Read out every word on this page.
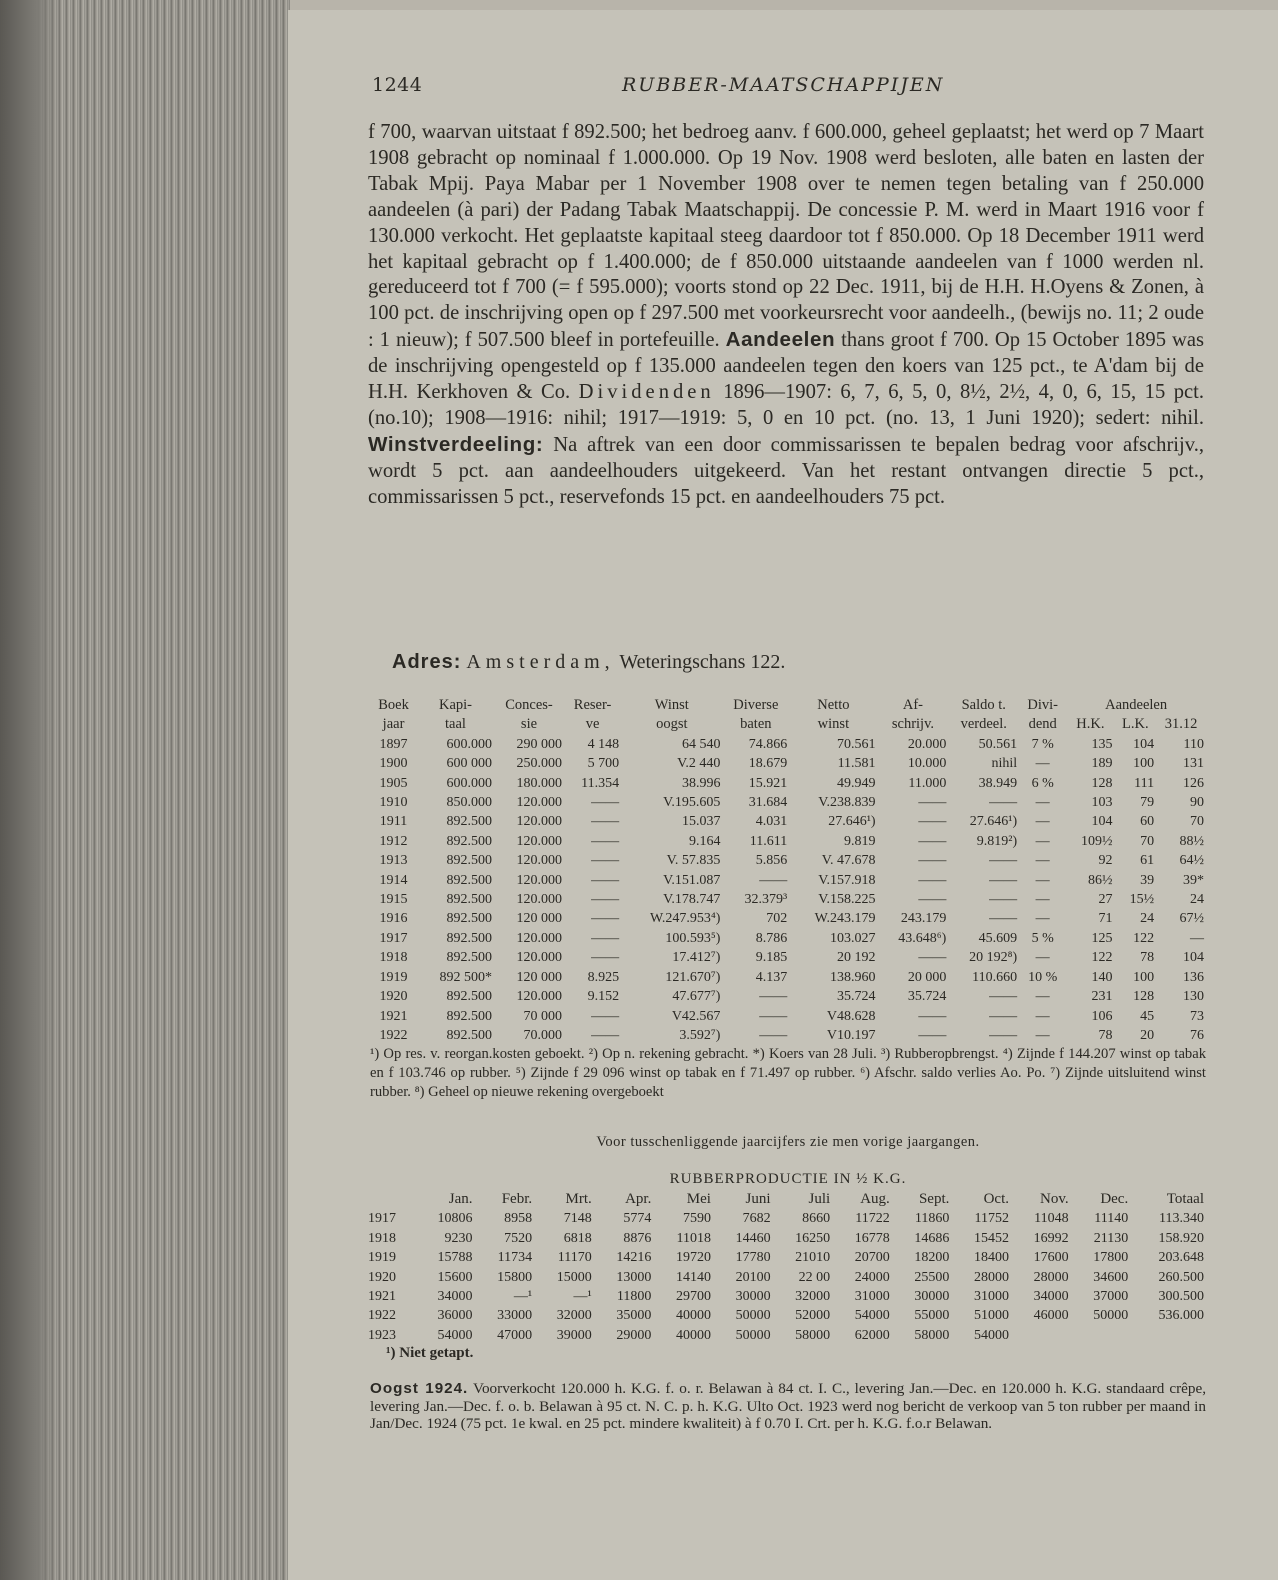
1244	RUBBER-MAATSCHAPPIJEN
f 700, waarvan uitstaat f 892.500; het bedroeg aanv. f 600.000, geheel geplaatst; het werd op 7 Maart 1908 gebracht op nominaal f 1.000.000. Op 19 Nov. 1908 werd besloten, alle baten en lasten der Tabak Mpij. Paya Mabar per 1 November 1908 over te nemen tegen betaling van f 250.000 aandeelen (à pari) der Padang Tabak Maatschappij. De concessie P. M. werd in Maart 1916 voor f 130.000 verkocht. Het geplaatste kapitaal steeg daardoor tot f 850.000. Op 18 December 1911 werd het kapitaal gebracht op f 1.400.000; de f 850.000 uitstaande aandeelen van f 1000 werden nl. gereduceerd tot f 700 (= f 595.000); voorts stond op 22 Dec. 1911, bij de H.H. H.Oyens & Zonen, à 100 pct. de inschrijving open op f 297.500 met voorkeursrecht voor aandeelh., (bewijs no. 11; 2 oude : 1 nieuw); f 507.500 bleef in portefeuille. Aandeelen thans groot f 700. Op 15 October 1895 was de inschrijving opengesteld op f 135.000 aandeelen tegen den koers van 125 pct., te A'dam bij de H.H. Kerkhoven & Co. Dividenden 1896—1907: 6, 7, 6, 5, 0, 8½, 2½, 4, 0, 6, 15, 15 pct. (no.10); 1908—1916: nihil; 1917—1919: 5, 0 en 10 pct. (no. 13, 1 Juni 1920); sedert: nihil. Winstverdeeling: Na aftrek van een door commissarissen te bepalen bedrag voor afschrijv., wordt 5 pct. aan aandeelhouders uitgekeerd. Van het restant ontvangen directie 5 pct., commissarissen 5 pct., reservefonds 15 pct. en aandeelhouders 75 pct.
Adres: Amsterdam, Weteringschans 122.
Boek	Kapi-	Conces-	Reser-	Winst	Diverse	Netto	Af-	Saldo t.	Divi-	Aandeelen		
jaar	taal	sie	ve	oogst	baten	winst	schrijv.	verdeel.	dend	H.K.	L.K.	31.12
1897	600.000	290 000	4 148	64 540	74.866	70.561	20.000	50.561	7 %	135	104	110
1900	600 000	250.000	5 700	V.2 440	18.679	11.581	10.000	nihil	—	189	100	131
1905	600.000	180.000	11.354	38.996	15.921	49.949	11.000	38.949	6 %	128	111	126
1910	850.000	120.000	——	V.195.605	31.684	V.238.839	——	——	—	103	79	90
1911	892.500	120.000	——	15.037	4.031	27.646¹)	——	27.646¹)	—	104	60	70
1912	892.500	120.000	——	9.164	11.611	9.819	——	9.819²)	—	109½	70	88½
1913	892.500	120.000	——	V. 57.835	5.856	V. 47.678	——	——	—	92	61	64½
1914	892.500	120.000	——	V.151.087	——	V.157.918	——	——	—	86½	39	39*
1915	892.500	120.000	——	V.178.747	32.379³	V.158.225	——	——	—	27	15½	24
1916	892.500	120 000	——	W.247.953⁴)	702	W.243.179	243.179	——	—	71	24	67½
1917	892.500	120.000	——	100.593⁵)	8.786	103.027	43.648⁶)	45.609	5 %	125	122	—
1918	892.500	120.000	——	17.412⁷)	9.185	20 192	——	20 192⁸)	—	122	78	104
1919	892 500*	120 000	8.925	121.670⁷)	4.137	138.960	20 000	110.660	10 %	140	100	136
1920	892.500	120.000	9.152	47.677⁷)	——	35.724	35.724	——	—	231	128	130
1921	892.500	70 000	——	V42.567	——	V48.628	——	——	—	106	45	73
1922	892.500	70.000	——	3.592⁷)	——	V10.197	——	——	—	78	20	76
¹) Op res. v. reorgan.kosten geboekt. ²) Op n. rekening gebracht. *) Koers van 28 Juli. ³) Rubberopbrengst. ⁴) Zijnde f 144.207 winst op tabak en f 103.746 op rubber. ⁵) Zijnde f 29 096 winst op tabak en f 71.497 op rubber. ⁶) Afschr. saldo verlies Ao. Po. ⁷) Zijnde uitsluitend winst rubber. ⁸) Geheel op nieuwe rekening overgeboekt
Voor tusschenliggende jaarcijfers zie men vorige jaargangen.
RUBBERPRODUCTIE IN ½ K.G.
	Jan.	Febr.	Mrt.	Apr.	Mei	Juni	Juli	Aug.	Sept.	Oct.	Nov.	Dec.	Totaal
1917	10806	8958	7148	5774	7590	7682	8660	11722	11860	11752	11048	11140	113.340
1918	9230	7520	6818	8876	11018	14460	16250	16778	14686	15452	16992	21130	158.920
1919	15788	11734	11170	14216	19720	17780	21010	20700	18200	18400	17600	17800	203.648
1920	15600	15800	15000	13000	14140	20100	22 00	24000	25500	28000	28000	34600	260.500
1921	34000	—¹	—¹	11800	29700	30000	32000	31000	30000	31000	34000	37000	300.500
1922	36000	33000	32000	35000	40000	50000	52000	54000	55000	51000	46000	50000	536.000
1923	54000	47000	39000	29000	40000	50000	58000	62000	58000	54000			
¹) Niet getapt.
Oogst 1924. Voorverkocht 120.000 h. K.G. f. o. r. Belawan à 84 ct. I. C., levering Jan.—Dec. en 120.000 h. K.G. standaard crêpe, levering Jan.—Dec. f. o. b. Belawan à 95 ct. N. C. p. h. K.G. Ulto Oct. 1923 werd nog bericht de verkoop van 5 ton rubber per maand in Jan/Dec. 1924 (75 pct. 1e kwal. en 25 pct. mindere kwaliteit) à f 0.70 I. Crt. per h. K.G. f.o.r Belawan.
